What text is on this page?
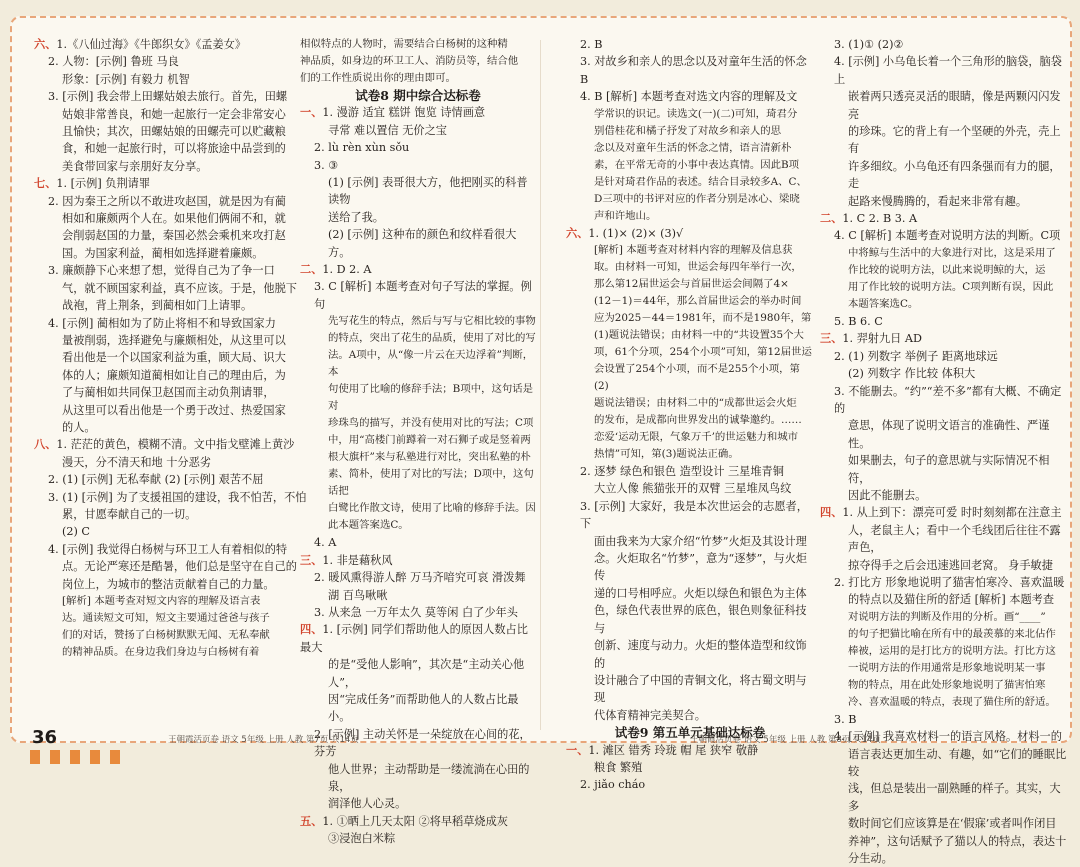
六、1.《八仙过海》《牛郎织女》《孟姜女》

2. 人物：[示例] 鲁班 马良

形象：[示例] 有毅力 机智

3. [示例] 我会带上田螺姑娘去旅行。首先，田螺

姑娘非常善良，和她一起旅行一定会非常安心

且愉快；其次，田螺姑娘的田螺壳可以贮藏粮

食，和她一起旅行时，可以将旅途中品尝到的

美食带回家与亲朋好友分享。

七、1. [示例] 负荆请罪

2. 因为秦王之所以不敢进攻赵国，就是因为有蔺

相如和廉颇两个人在。如果他们俩闹不和，就

会削弱赵国的力量，秦国必然会乘机来攻打赵

国。为国家利益，蔺相如选择避着廉颇。

3. 廉颇静下心来想了想，觉得自己为了争一口

气，就不顾国家利益，真不应该。于是，他脱下

战袍，背上荆条，到蔺相如门上请罪。

4. [示例] 蔺相如为了防止将相不和导致国家力

量被削弱，选择避免与廉颇相处，从这里可以

看出他是一个以国家利益为重，顾大局、识大

体的人；廉颇知道蔺相如让自己的理由后，为

了与蔺相如共同保卫赵国而主动负荆请罪，

从这里可以看出他是一个勇于改过、热爱国家

的人。

八、1. 茫茫的黄色，模糊不清。文中指戈壁滩上黄沙

漫天，分不清天和地 十分恶劣

2. (1) [示例] 无私奉献 (2) [示例] 艰苦不屈

3. (1) [示例] 为了支援祖国的建设，我不怕苦，不怕

累，甘愿奉献自己的一切。

(2) C

4. [示例] 我觉得白杨树与环卫工人有着相似的特

点。无论严寒还是酷暑，他们总是坚守在自己的

岗位上，为城市的整洁贡献着自己的力量。

[解析] 本题考查对短文内容的理解及语言表

达。通读短文可知，短文主要通过爸爸与孩子

们的对话，赞扬了白杨树默默无闻、无私奉献

的精神品质。在身边我们身边与白杨树有着

相似特点的人物时，需要结合白杨树的这种精

神品质，如身边的环卫工人、消防员等，结合他

们的工作性质说出你的理由即可。

试卷8 期中综合达标卷

一、1. 漫游 适宜 糕饼 饱览 诗情画意

寻常 难以置信 无价之宝

2. lù rèn xùn sǒu

3. ③

(1) [示例] 表哥很大方，他把刚买的科普读物

送给了我。

(2) [示例] 这种布的颜色和纹样看很大方。

二、1. D 2. A

3. C [解析] 本题考查对句子写法的掌握。例句

先写花生的特点，然后与写与它相比较的事物

的特点，突出了花生的品质，使用了对比的写

法。A项中，从“像一片云在天边浮着”判断，本

句使用了比喻的修辞手法；B项中，这句话是对

珍珠鸟的描写，并没有使用对比的写法；C项

中，用“高楼门前蹲着一对石狮子或是竖着两

根大旗杆”来与私塾进行对比，突出私塾的朴

素、简朴，使用了对比的写法；D项中，这句话把

白鹭比作散文诗，使用了比喻的修辞手法。因

此本题答案选C。

4. A

三、1. 非是藉秋风

2. 暖风熏得游人醉 万马齐喑究可哀 滑泼舞

湖 百鸟啾啾

3. 从来急 一万年太久 莫等闲 白了少年头

四、1. [示例] 同学们帮助他人的原因人数占比最大

的是“受他人影响”，其次是“主动关心他人”，

因“完成任务”而帮助他人的人数占比最小。

2. [示例] 主动关怀是一朵绽放在心间的花，芬芳

他人世界；主动帮助是一缕流淌在心田的泉，

润泽他人心灵。

五、1. ①晒上几天太阳 ②将早稻草烧成灰

③浸泡白米粽

2. B

3. 对故乡和亲人的思念以及对童年生活的怀念 B

4. B [解析] 本题考查对选文内容的理解及文

学常识的识记。读选文(一)(二)可知，琦君分

别借桂花和橘子抒发了对故乡和亲人的思

念以及对童年生活的怀念之情，语言清新朴

素，在平常无奇的小事中表达真情。因此B项

是针对琦君作品的表述。结合目录较多A、C、

D三项中的书评对应的作者分别是冰心、梁晓

声和许地山。

六、1. (1)× (2)× (3)√

[解析] 本题考查对材料内容的理解及信息获

取。由材料一可知，世运会每四年举行一次，

那么第12届世运会与首届世运会间隔了4×

(12－1)＝44年，那么首届世运会的举办时间

应为2025－44＝1981年，而不是1980年，第

(1)题说法错误；由材料一中的“共设置35个大

项，61个分项，254个小项”可知，第12届世运

会设置了254个小项，而不是255个小项，第(2)

题说法错误；由材料二中的“成都世运会火炬

的发布，是成都向世界发出的诚挚邀约。……

恋爱‘运动无限，气象万千’的世运魅力和城市

热情”可知，第(3)题说法正确。

2. 逐梦 绿色和银色 造型设计 三星堆青铜

大立人像 熊猫张开的双臂 三星堆凤鸟纹

3. [示例] 大家好，我是本次世运会的志愿者，下

面由我来为大家介绍“竹梦”火炬及其设计理

念。火炬取名“竹梦”，意为“逐梦”，与火炬传

递的口号相呼应。火炬以绿色和银色为主体

色，绿色代表世界的底色，银色则象征科技与

创新、速度与动力。火炬的整体造型和纹饰的

设计融合了中国的青铜文化，将古蜀文明与现

代体育精神完美契合。

试卷9 第五单元基础达标卷

一、1. 滩区 错秀 玲珑 帽 尾 狭窄 敬静

粮食 繁殖

2. jiǎo cháo

3. (1)① (2)②

4. [示例] 小乌龟长着一个三角形的脑袋，脑袋上

嵌着两只透亮灵活的眼睛，像是两颗闪闪发亮

的珍珠。它的背上有一个坚硬的外壳，壳上有

许多细纹。小乌龟还有四条强而有力的腿，走

起路来慢腾腾的，看起来非常有趣。

二、1. C 2. B 3. A

4. C [解析] 本题考查对说明方法的判断。C项

中将鲸与生活中的大象进行对比，这是采用了

作比较的说明方法，以此来说明鲸的大，运

用了作比较的说明方法。C项判断有误，因此

本题答案选C。

5. B 6. C

三、1. 羿射九日 AD

2. (1) 列数字 举例子 距离地球远

(2) 列数字 作比较 体积大

3. 不能删去。“约”“差不多”都有大概、不确定的

意思，体现了说明文语言的准确性、严谨性。

如果删去，句子的意思就与实际情况不相符，

因此不能删去。

四、1. 从上到下：漂亮可爱 时时刻刻都在注意主

人，老鼠主人；看中一个毛线团后往往不露声色，

掠夺得手之后会迅速逃回老窝。 身手敏捷

2. 打比方 形象地说明了猫害怕寒冷、喜欢温暖

的特点以及猫住所的舒适 [解析] 本题考查

对说明方法的判断及作用的分析。画“____”

的句子把猫比喻在所有中的最羡慕的来北佔作

棒被，运用的是打比方的说明方法。打比方这

一说明方法的作用通常是形象地说明某一事

物的特点，用在此处形象地说明了猫害怕寒

冷、喜欢温暖的特点，表现了猫住所的舒适。

3. B

4. [示例] 我喜欢材料一的语言风格。材料一的

语言表达更加生动、有趣，如“它们的睡眠比较

浅，但总是装出一副熟睡的样子。其实，大多

数时间它们应该算是在‘假寐’或者叫作闭目

养神”，这句话赋予了猫以人的特点，表达十

分生动。

36	王朝霞活页卷 语文 5年级 上册 人教 第7页 共14页	王朝霞活页卷 语文 5年级 上册 人教 第8页 共14页
